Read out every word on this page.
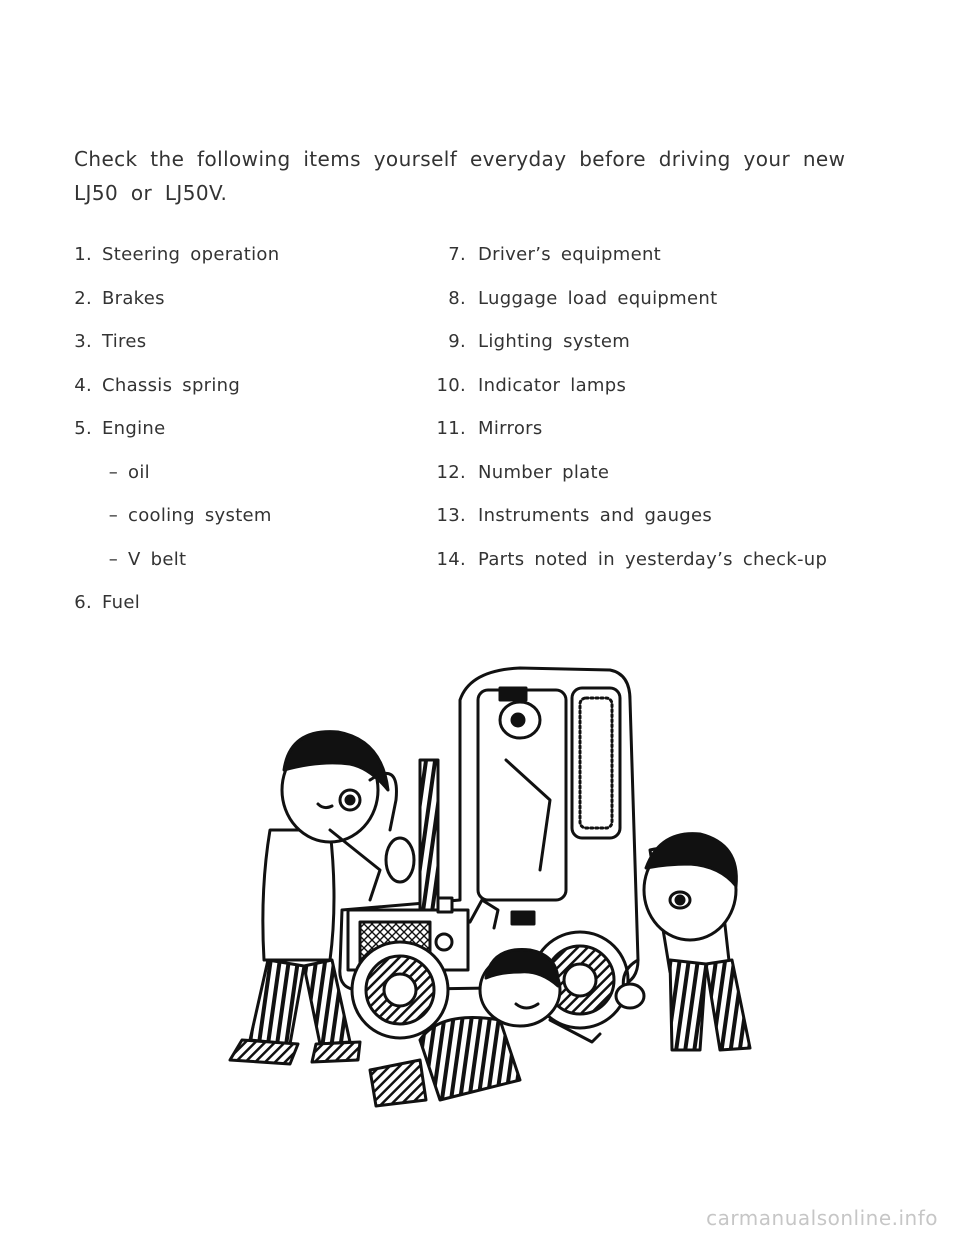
Check the following items yourself everyday before driving your new LJ50 or LJ50V.

1. Steering operation
2. Brakes
3. Tires
4. Chassis spring
5. Engine
– oil
– cooling system
– V belt
6. Fuel
7. Driver’s equipment
8. Luggage load equipment
9. Lighting system
10. Indicator lamps
11. Mirrors
12. Number plate
13. Instruments and gauges
14. Parts noted in yesterday’s check-up
carmanualsonline.info
